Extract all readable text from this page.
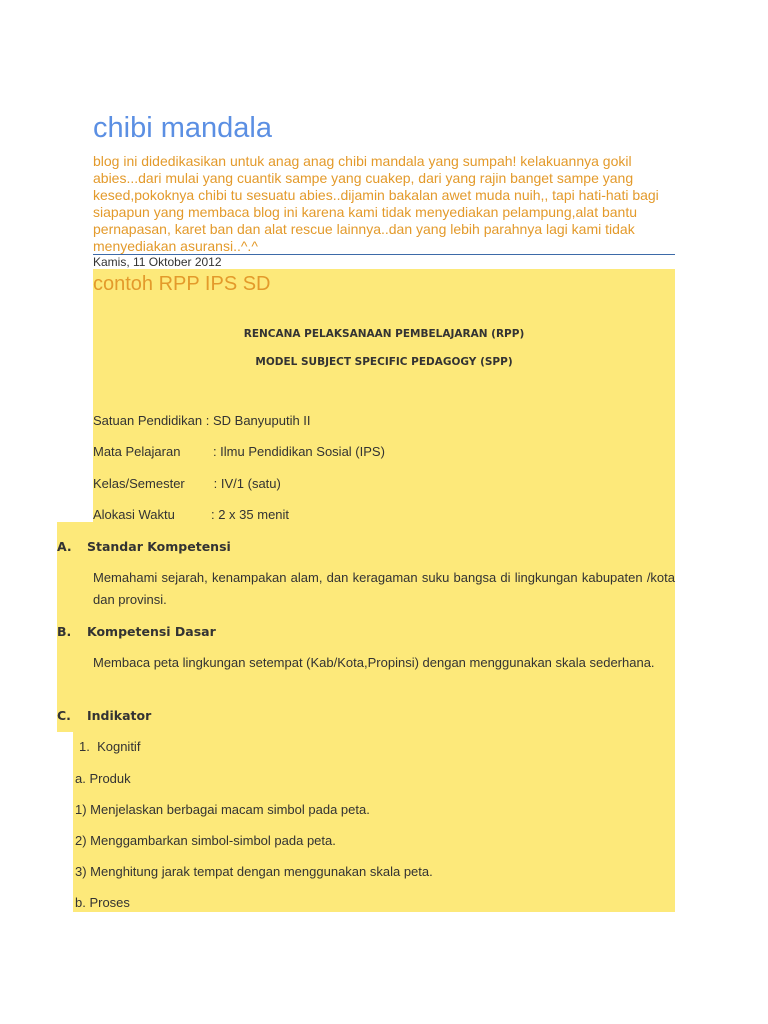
chibi mandala
blog ini didedikasikan untuk anag anag chibi mandala yang sumpah! kelakuannya gokil abies...dari mulai yang cuantik sampe yang cuakep, dari yang rajin banget sampe yang kesed,pokoknya chibi tu sesuatu abies..dijamin bakalan awet muda nuih,, tapi hati-hati bagi siapapun yang membaca blog ini karena kami tidak menyediakan pelampung,alat bantu pernapasan, karet ban dan alat rescue lainnya..dan yang lebih parahnya lagi kami tidak menyediakan asuransi..^.^
Kamis, 11 Oktober 2012
contoh RPP IPS SD
RENCANA PELAKSANAAN PEMBELAJARAN (RPP)
MODEL SUBJECT SPECIFIC PEDAGOGY (SPP)
Satuan Pendidikan : SD Banyuputih II
Mata Pelajaran         : Ilmu Pendidikan Sosial (IPS)
Kelas/Semester        : IV/1 (satu)
Alokasi Waktu          : 2 x 35 menit
A. Standar Kompetensi
Memahami sejarah, kenampakan alam, dan keragaman suku bangsa di lingkungan kabupaten /kota dan provinsi.
B. Kompetensi Dasar
Membaca peta lingkungan setempat (Kab/Kota,Propinsi) dengan menggunakan skala sederhana.
C. Indikator
1.  Kognitif
a. Produk
1) Menjelaskan berbagai macam simbol pada peta.
2) Menggambarkan simbol-simbol pada peta.
3) Menghitung jarak tempat dengan menggunakan skala peta.
b. Proses
